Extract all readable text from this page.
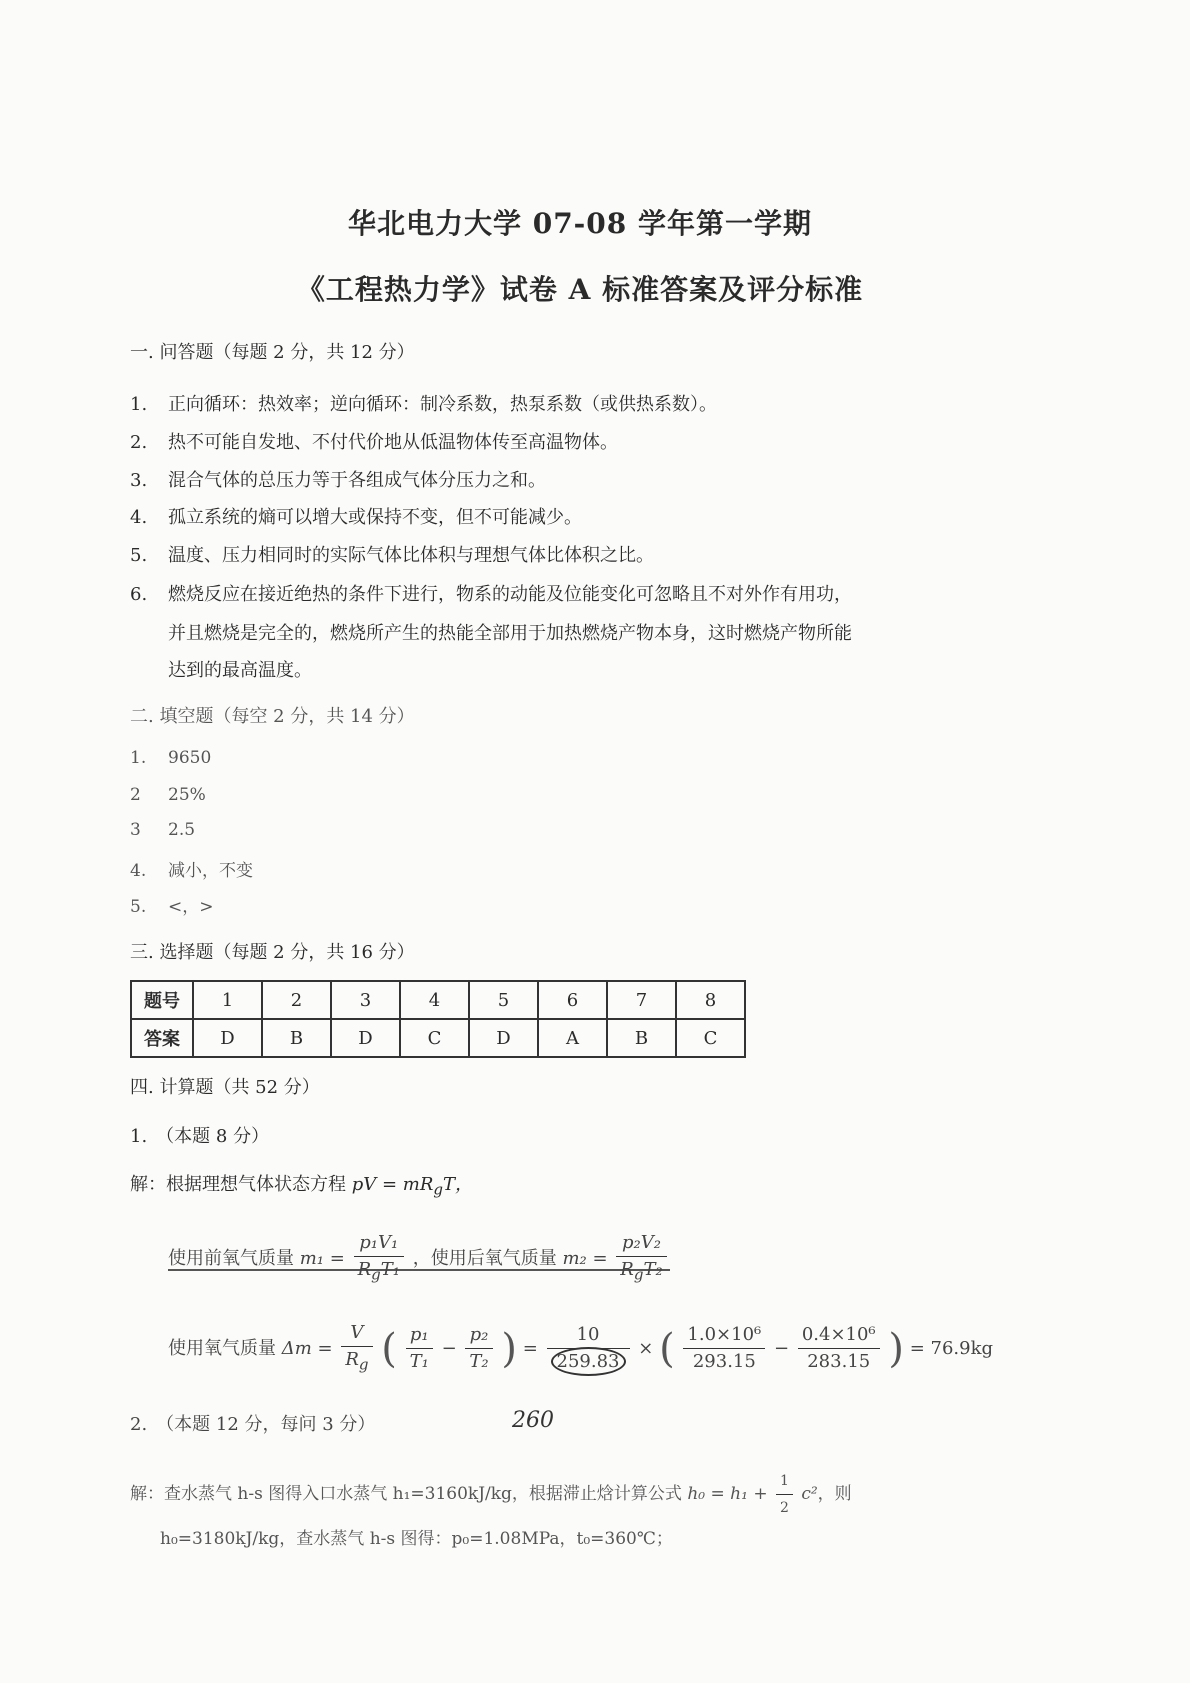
华北电力大学 07-08 学年第一学期
《工程热力学》试卷 A 标准答案及评分标准
一. 问答题（每题 2 分，共 12 分）
1. 正向循环：热效率；逆向循环：制冷系数，热泵系数（或供热系数）。
2. 热不可能自发地、不付代价地从低温物体传至高温物体。
3. 混合气体的总压力等于各组成气体分压力之和。
4. 孤立系统的熵可以增大或保持不变，但不可能减少。
5. 温度、压力相同时的实际气体比体积与理想气体比体积之比。
6. 燃烧反应在接近绝热的条件下进行，物系的动能及位能变化可忽略且不对外作有用功，
并且燃烧是完全的，燃烧所产生的热能全部用于加热燃烧产物本身，这时燃烧产物所能
达到的最高温度。
二. 填空题（每空 2 分，共 14 分）
1. 9650
2 25%
3 2.5
4. 减小，不变
5. <，>
三. 选择题（每题 2 分，共 16 分）
题号	1	2	3	4	5	6	7	8
答案	D	B	D	C	D	A	B	C
四. 计算题（共 52 分）
1.　（本题 8 分）
解：根据理想气体状态方程 pV = $mR_gT$，
使用前氧气质量 $m_1 = \frac{\text{p₁V₁}}{R_gT_1}$ ，使用后氧气质量 $m_2 = \frac{\text{p₂V₂}}{R_gT_2}$
使用氧气质量 $\Delta m = \frac{V}{R_g}$ ( $\frac{\text{p₁}}{\text{T₁}} - \frac{\text{p₂}}{\text{T₂}}$ ) = $\frac{10}{259.83}$ × ( $\frac{\text{1.0×10⁶}}{293.15} - \frac{\text{0.4×10⁶}}{283.15}$ ) = 76.9kg
260
2.　（本题 12 分，每问 3 分）
解：查水蒸气 h-s 图得入口水蒸气 h₁=3160kJ/kg，根据滞止焓计算公式 $h_0 = h_1 + \frac{1}{2} c^2$，则
h₀=3180kJ/kg，查水蒸气 h-s 图得：p₀=1.08MPa，t₀=360℃；
